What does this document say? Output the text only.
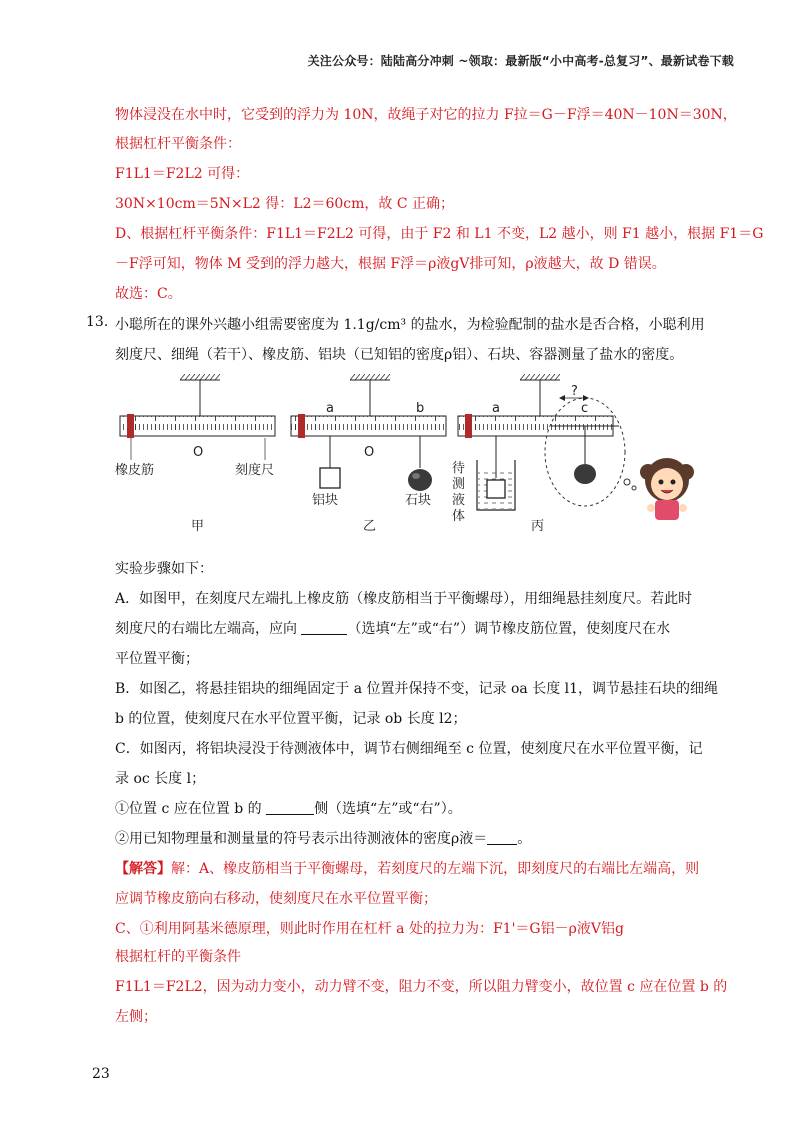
关注公众号：陆陆高分冲刺 ~领取：最新版“小中高考-总复习”、最新试卷下载
物体浸没在水中时，它受到的浮力为 10N，故绳子对它的拉力 F拉＝G－F浮＝40N－10N＝30N，
根据杠杆平衡条件：
F1L1＝F2L2 可得：
30N×10cm＝5N×L2 得：L2＝60cm，故 C 正确；
D、根据杠杆平衡条件：F1L1＝F2L2 可得，由于 F2 和 L1 不变，L2 越小，则 F1 越小，根据 F1＝G
－F浮可知，物体 M 受到的浮力越大，根据 F浮＝ρ液gV排可知，ρ液越大，故 D 错误。
故选：C。
13. 小聪所在的课外兴趣小组需要密度为 1.1g/cm³ 的盐水，为检验配制的盐水是否合格，小聪利用
刻度尺、细绳（若干）、橡皮筋、铝块（已知铝的密度ρ铝）、石块、容器测量了盐水的密度。
O
橡皮筋	刻度尺
甲
a	b
O
铝块	石块
乙
a	c
待
测
液
体
丙
?
实验步骤如下：
A．如图甲，在刻度尺左端扎上橡皮筋（橡皮筋相当于平衡螺母），用细绳悬挂刻度尺。若此时
刻度尺的右端比左端高，应向	（选填“左”或“右”）调节橡皮筋位置，使刻度尺在水
平位置平衡；
B．如图乙，将悬挂铝块的细绳固定于 a 位置并保持不变，记录 oa 长度 l1，调节悬挂石块的细绳
b 的位置，使刻度尺在水平位置平衡，记录 ob 长度 l2；
C．如图丙，将铝块浸没于待测液体中，调节右侧细绳至 c 位置，使刻度尺在水平位置平衡，记
录 oc 长度 l；
①位置 c 应在位置 b 的	侧（选填“左”或“右”）。
②用已知物理量和测量量的符号表示出待测液体的密度ρ液＝ 。
【解答】解：A、橡皮筋相当于平衡螺母，若刻度尺的左端下沉，即刻度尺的右端比左端高，则
应调节橡皮筋向右移动，使刻度尺在水平位置平衡；
C、①利用阿基米德原理，则此时作用在杠杆 a 处的拉力为：F1'＝G铝－ρ液V铝g
根据杠杆的平衡条件
F1L1＝F2L2，因为动力变小，动力臂不变，阻力不变，所以阻力臂变小，故位置 c 应在位置 b 的
左侧；
23
